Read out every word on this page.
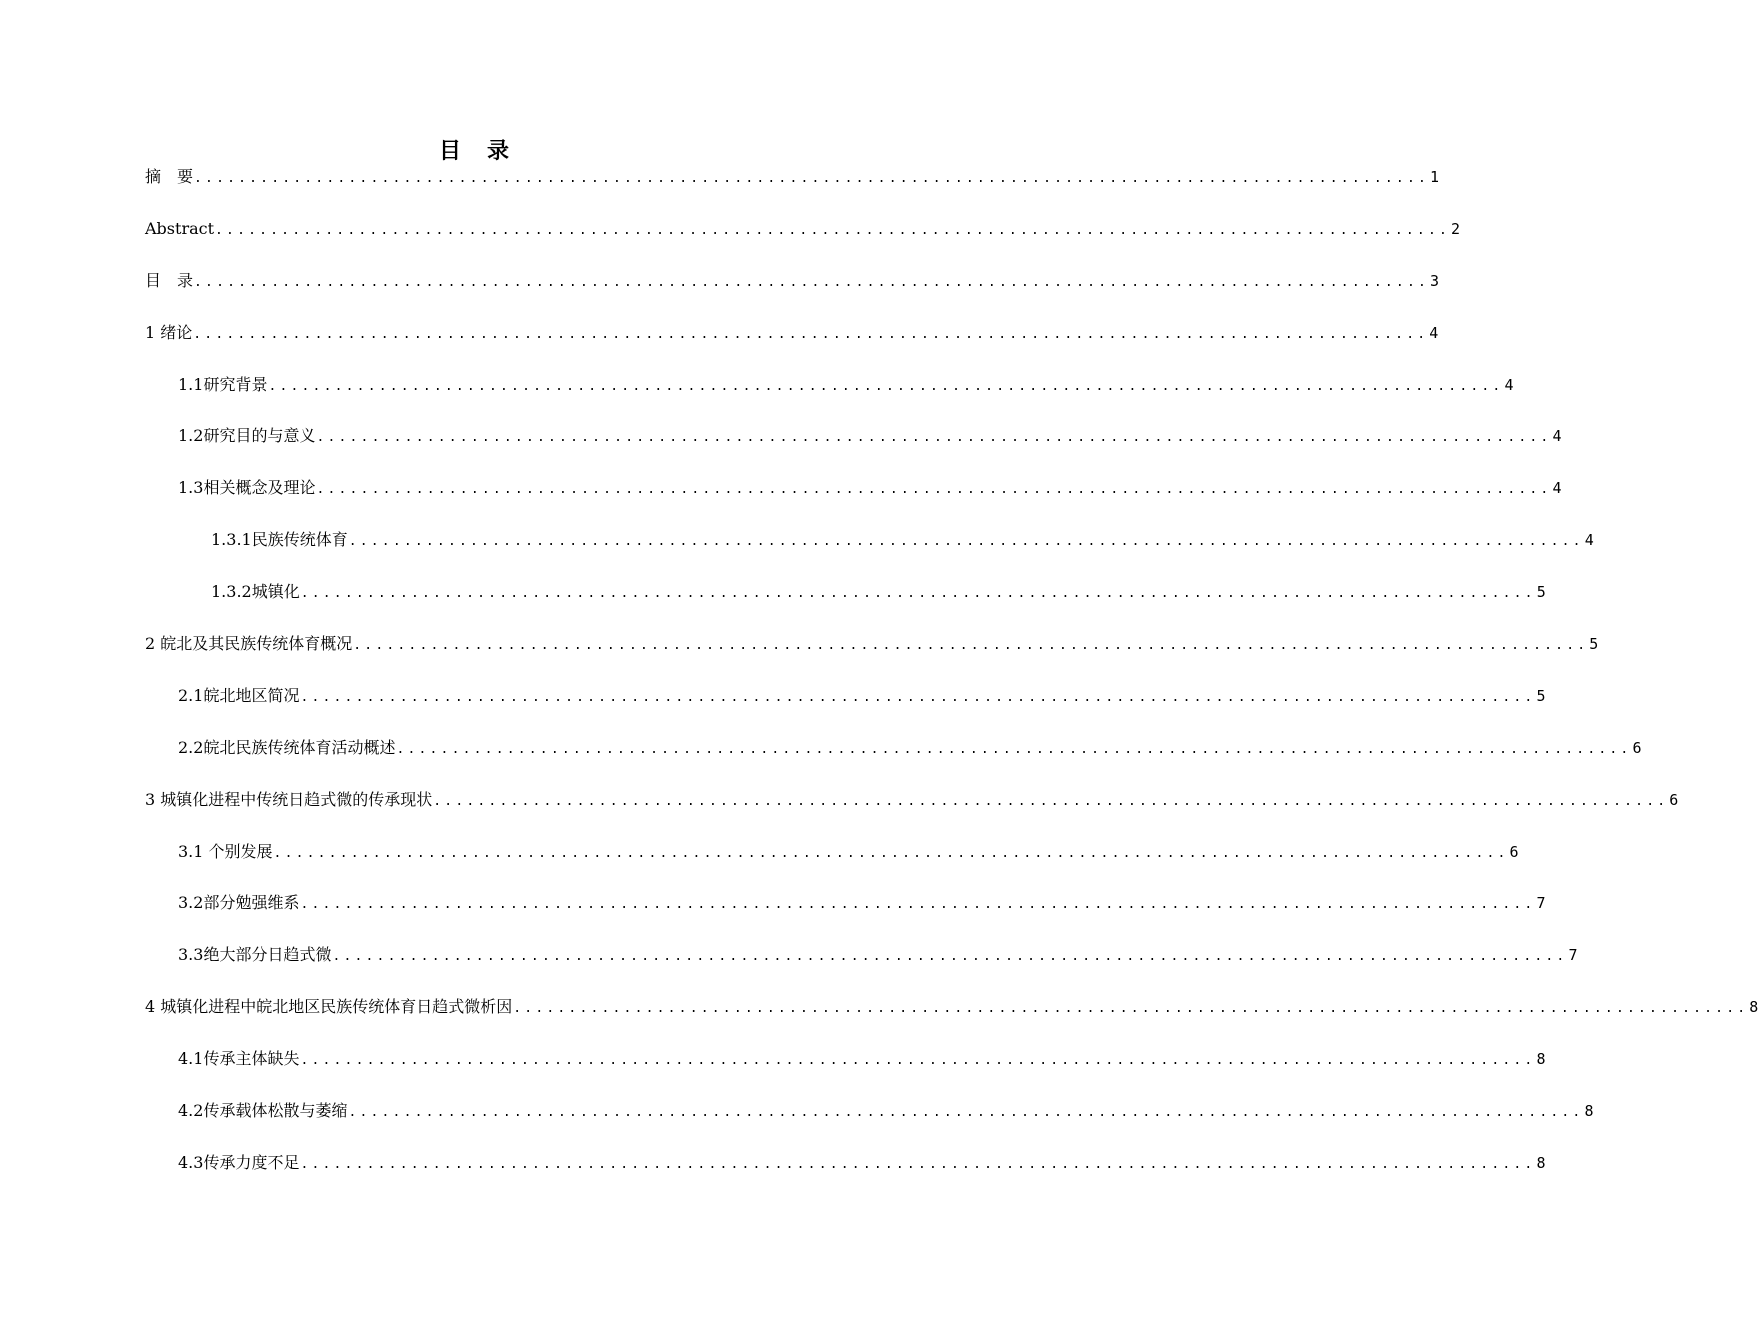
目　录
摘　要 ................................................................................................................ 1
Abstract ................................................................................................................ 2
目　录 ................................................................................................................ 3
1 绪论 ................................................................................................................ 4
1.1研究背景 ................................................................................................................ 4
1.2研究目的与意义 ................................................................................................................ 4
1.3相关概念及理论 ................................................................................................................ 4
1.3.1民族传统体育 ................................................................................................................ 4
1.3.2城镇化 ................................................................................................................ 5
2 皖北及其民族传统体育概况 ................................................................................................................ 5
2.1皖北地区简况 ................................................................................................................ 5
2.2皖北民族传统体育活动概述 ................................................................................................................ 6
3 城镇化进程中传统日趋式微的传承现状 ................................................................................................................ 6
3.1 个别发展 ................................................................................................................ 6
3.2部分勉强维系 ................................................................................................................ 7
3.3绝大部分日趋式微 ................................................................................................................ 7
4 城镇化进程中皖北地区民族传统体育日趋式微析因 ................................................................................................................ 8
4.1传承主体缺失 ................................................................................................................ 8
4.2传承载体松散与萎缩 ................................................................................................................ 8
4.3传承力度不足 ................................................................................................................ 8
